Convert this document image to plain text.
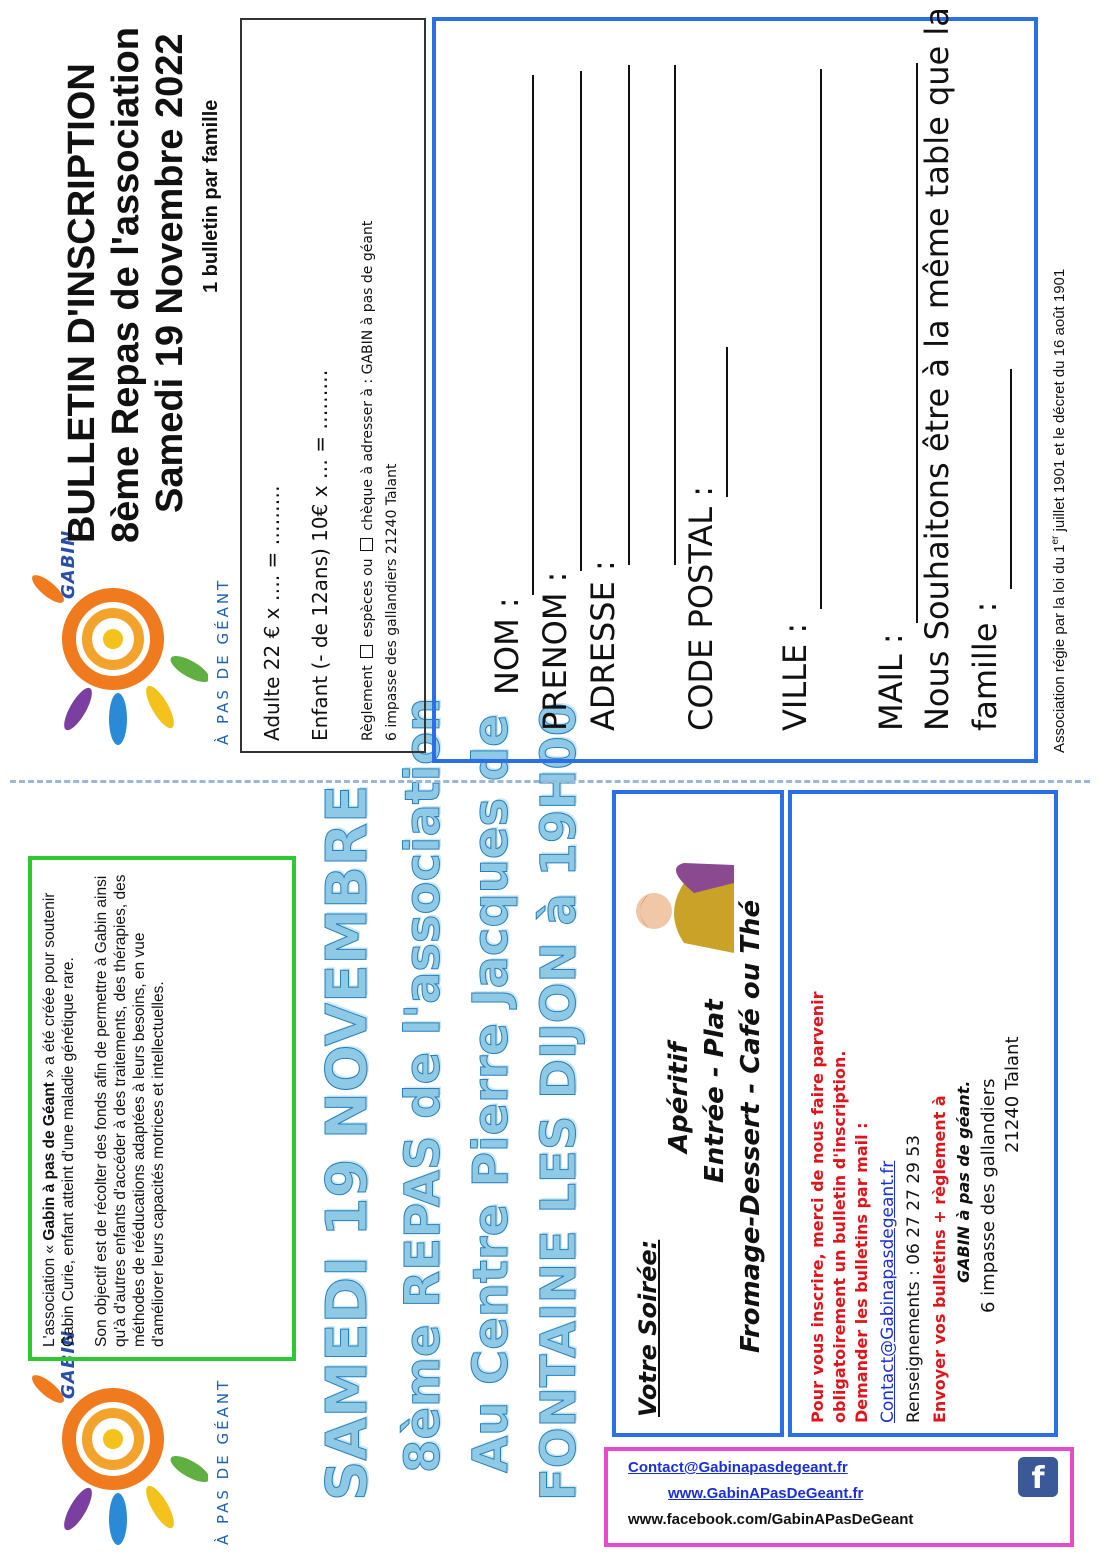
GABIN
À PAS DE GÉANT

L'association « Gabin à pas de Géant » a été créée pour soutenir Gabin Curie, enfant atteint d'une maladie génétique rare. Son objectif est de récolter des fonds afin de permettre à Gabin ainsi qu'à d'autres enfants d'accéder à des traitements, des thérapies, des méthodes de rééducations adaptées à leurs besoins, en vue d'améliorer leurs capacités motrices et intellectuelles.	SAMEDI 19 NOVEMBRE 8ème REPAS de l'association Au Centre Pierre Jacques de FONTAINE LES DIJON à 19H00 Votre Soirée:
Apéritif Entrée - Plat Fromage-Dessert - Café ou Thé	Pour vous inscrire, merci de nous faire parvenir obligatoirement un bulletin d'inscription. Demander les bulletins par mail : Contact@Gabinapasdegeant.fr Renseignements : 06 27 27 29 53 Envoyer vos bulletins + règlement à GABIN à pas de géant. 6 impasse des gallandiers 21240 Talant
f
Contact@Gabinapasdegeant.fr
www.GabinAPasDeGeant.fr
www.facebook.com/GabinAPasDeGeant
GABIN
À PAS DE GÉANT
BULLETIN D'INSCRIPTION 8ème Repas de l'association Samedi 19 Novembre 2022 1 bulletin par famille
Adulte 22 € x …. = ……… Enfant (- de 12ans) 10€ x … = ……… Règlement  espèces ou  chèque à adresser à : GABIN à pas de géant
6 impasse des gallandiers 21240 Talant	NOM : PRENOM : ADRESSE : CODE POSTAL : VILLE : MAIL : Nous Souhaitons être à la même table que la famille :	Association régie par la loi du 1er juillet 1901 et le décret du 16 août 1901
